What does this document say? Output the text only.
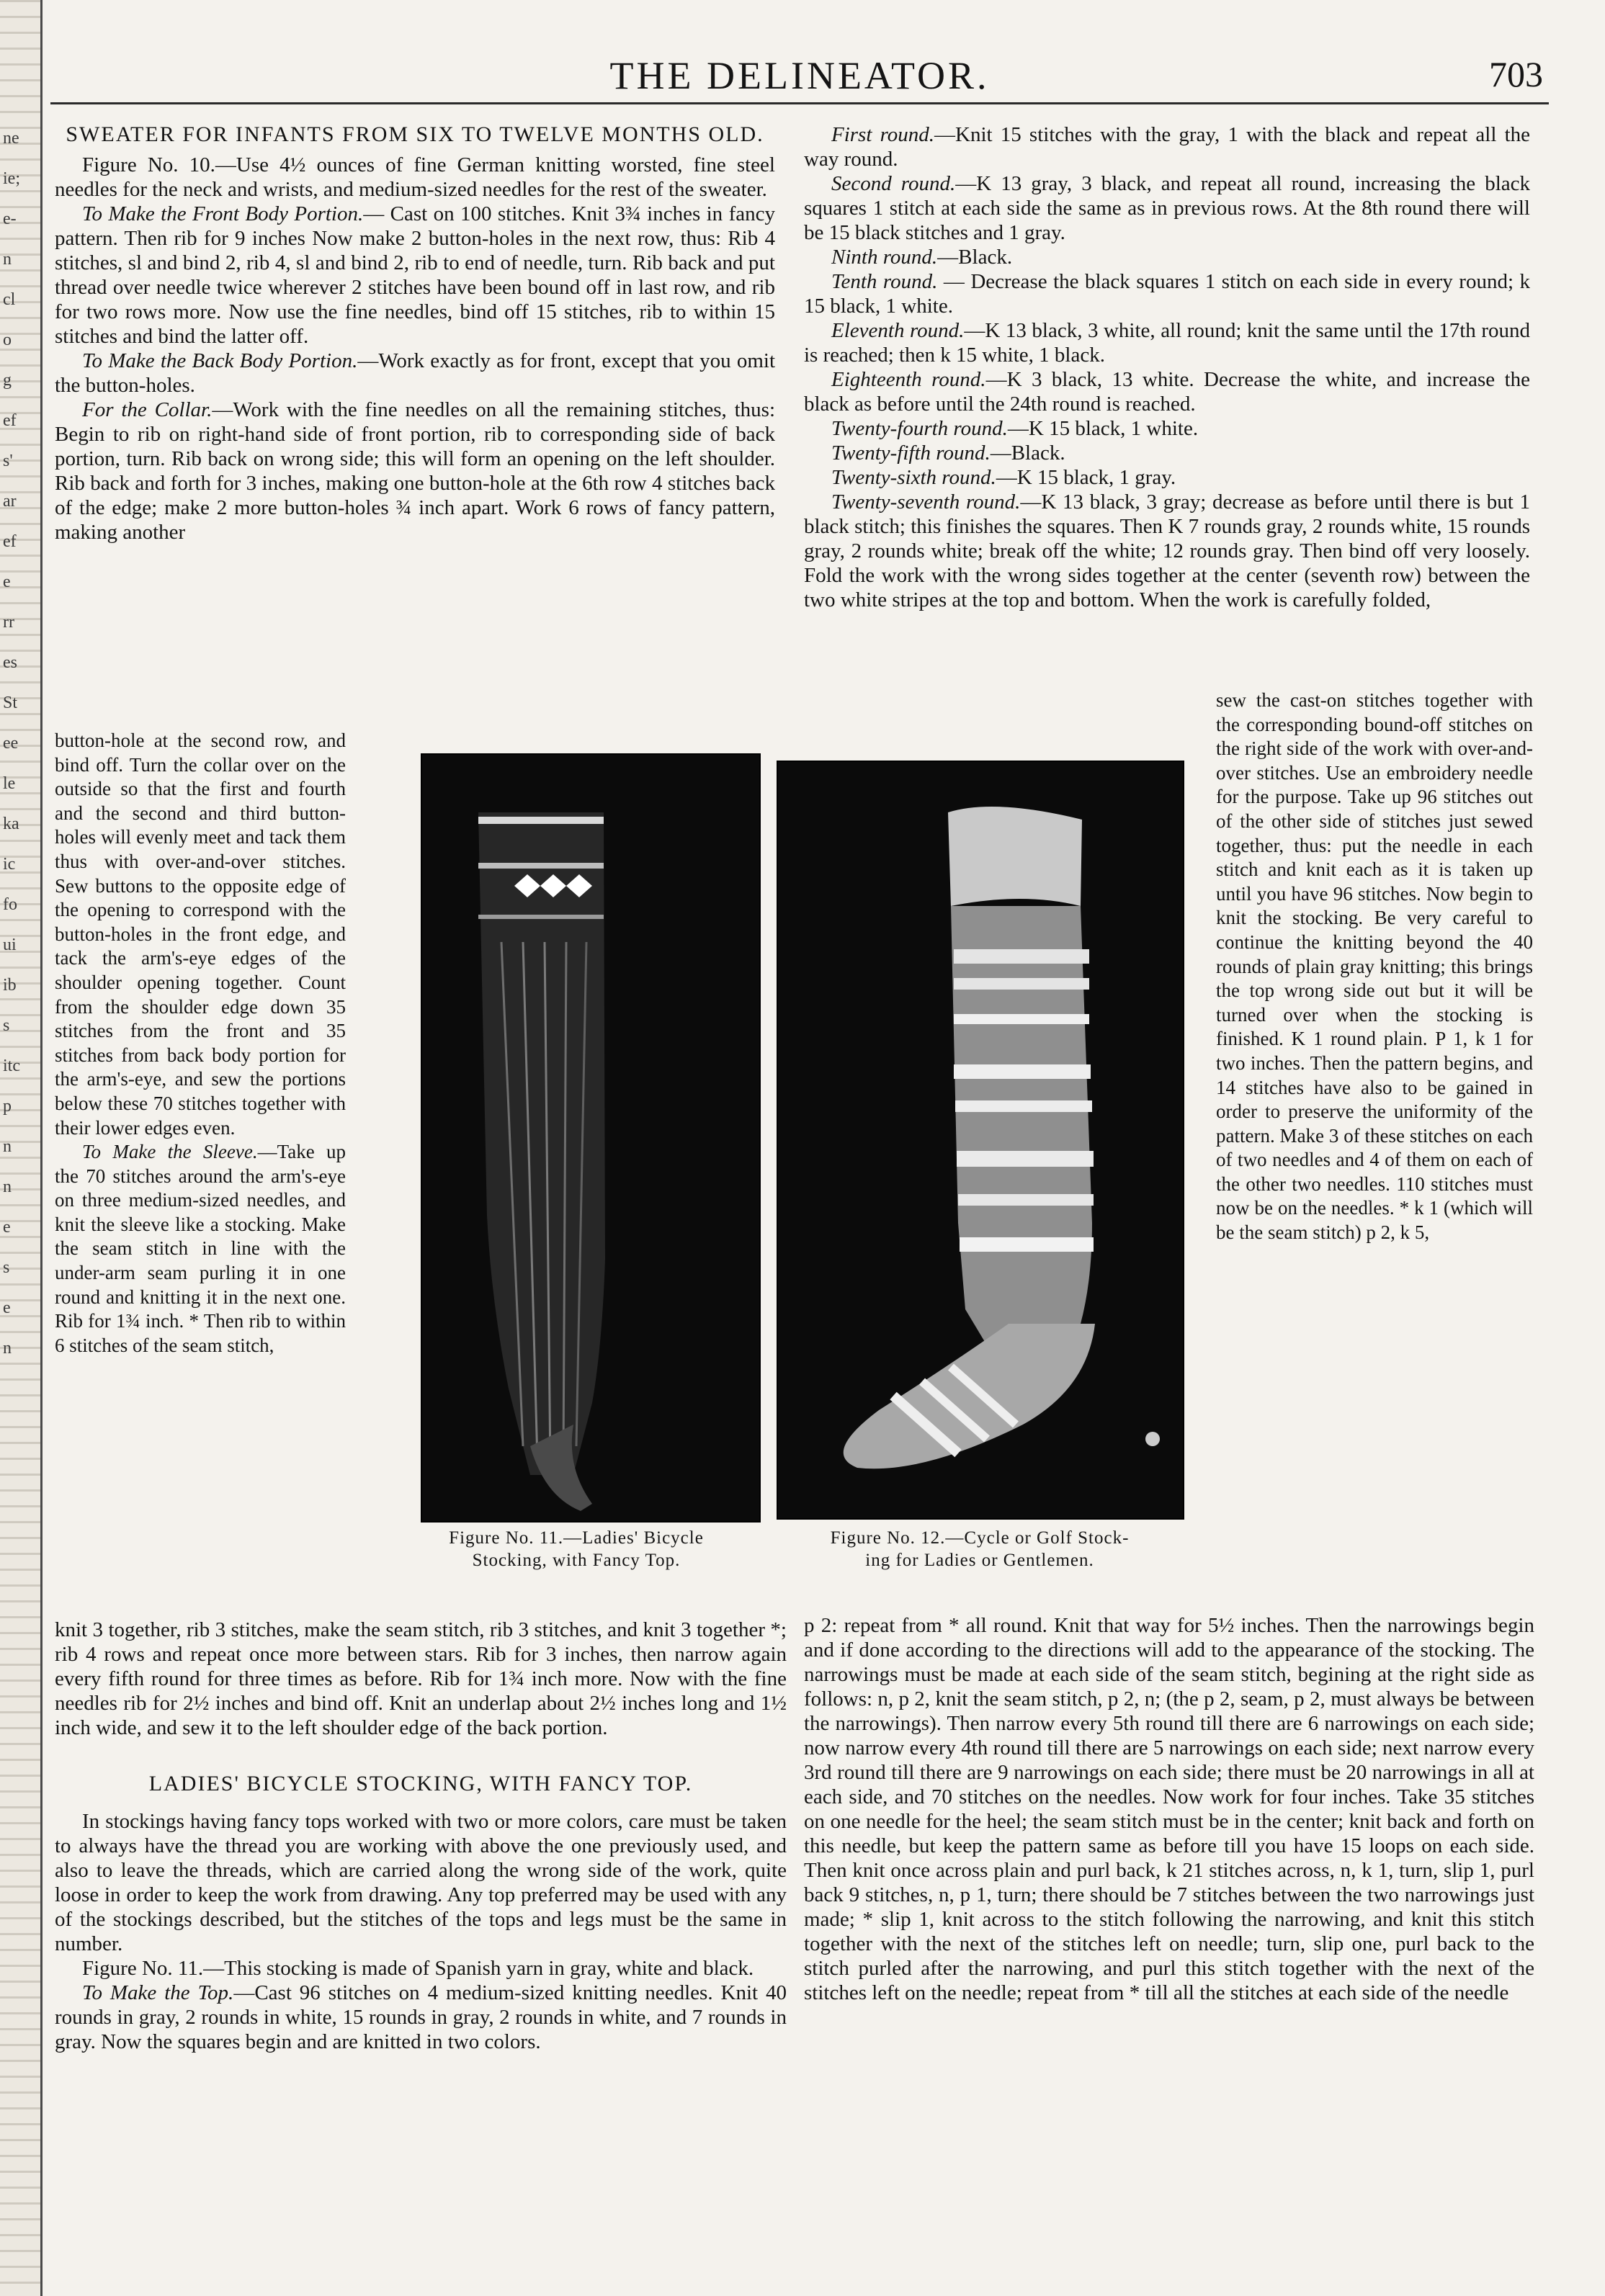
ne
ie;
e-
n
cl
o
g
ef
s'
ar
ef
e
rr
es
St
ee
le
ka
ic
fo
ui
ib
s
itc
p
n
n
e
s
e
n
THE DELINEATOR.	703

SWEATER FOR INFANTS FROM SIX TO TWELVE MONTHS OLD.

Figure No. 10.—Use 4½ ounces of fine German knitting worsted, fine steel needles for the neck and wrists, and medium-sized needles for the rest of the sweater.

To Make the Front Body Portion.— Cast on 100 stitches. Knit 3¾ inches in fancy pattern. Then rib for 9 inches Now make 2 button-holes in the next row, thus: Rib 4 stitches, sl and bind 2, rib 4, sl and bind 2, rib to end of needle, turn. Rib back and put thread over needle twice wherever 2 stitches have been bound off in last row, and rib for two rows more. Now use the fine needles, bind off 15 stitches, rib to within 15 stitches and bind the latter off.

To Make the Back Body Portion.—Work exactly as for front, except that you omit the button-holes.

For the Collar.—Work with the fine needles on all the remaining stitches, thus: Begin to rib on right-hand side of front portion, rib to corresponding side of back portion, turn. Rib back on wrong side; this will form an opening on the left shoulder. Rib back and forth for 3 inches, making one button-hole at the 6th row 4 stitches back of the edge; make 2 more button-holes ¾ inch apart. Work 6 rows of fancy pattern, making another

button-hole at the second row, and bind off. Turn the collar over on the outside so that the first and fourth and the second and third button-holes will evenly meet and tack them thus with over-and-over stitches. Sew buttons to the opposite edge of the opening to correspond with the button-holes in the front edge, and tack the arm's-eye edges of the shoulder opening together. Count from the shoulder edge down 35 stitches from the front and 35 stitches from back body portion for the arm's-eye, and sew the portions below these 70 stitches together with their lower edges even.

To Make the Sleeve.—Take up the 70 stitches around the arm's-eye on three medium-sized needles, and knit the sleeve like a stocking. Make the seam stitch in line with the under-arm seam purling it in one round and knitting it in the next one. Rib for 1¾ inch. * Then rib to within 6 stitches of the seam stitch,

First round.—Knit 15 stitches with the gray, 1 with the black and repeat all the way round.

Second round.—K 13 gray, 3 black, and repeat all round, increasing the black squares 1 stitch at each side the same as in previous rows. At the 8th round there will be 15 black stitches and 1 gray.

Ninth round.—Black.

Tenth round. — Decrease the black squares 1 stitch on each side in every round; k 15 black, 1 white.

Eleventh round.—K 13 black, 3 white, all round; knit the same until the 17th round is reached; then k 15 white, 1 black.

Eighteenth round.—K 3 black, 13 white. Decrease the white, and increase the black as before until the 24th round is reached.

Twenty-fourth round.—K 15 black, 1 white.

Twenty-fifth round.—Black.

Twenty-sixth round.—K 15 black, 1 gray.

Twenty-seventh round.—K 13 black, 3 gray; decrease as before until there is but 1 black stitch; this finishes the squares. Then K 7 rounds gray, 2 rounds white, 15 rounds gray, 2 rounds white; break off the white; 12 rounds gray. Then bind off very loosely. Fold the work with the wrong sides together at the center (seventh row) between the two white stripes at the top and bottom. When the work is carefully folded,

sew the cast-on stitches together with the corresponding bound-off stitches on the right side of the work with over-and-over stitches. Use an embroidery needle for the purpose. Take up 96 stitches out of the other side of stitches just sewed together, thus: put the needle in each stitch and knit each as it is taken up until you have 96 stitches. Now begin to knit the stocking. Be very careful to continue the knitting beyond the 40 rounds of plain gray knitting; this brings the top wrong side out but it will be turned over when the stocking is finished. K 1 round plain. P 1, k 1 for two inches. Then the pattern begins, and 14 stitches have also to be gained in order to preserve the uniformity of the pattern. Make 3 of these stitches on each of two needles and 4 of them on each of the other two needles. 110 stitches must now be on the needles. * k 1 (which will be the seam stitch) p 2, k 5,

Figure No. 11.—Ladies' Bicycle
Stocking, with Fancy Top.
Figure No. 12.—Cycle or Golf Stock-
ing for Ladies or Gentlemen.

knit 3 together, rib 3 stitches, make the seam stitch, rib 3 stitches, and knit 3 together *; rib 4 rows and repeat once more between stars. Rib for 3 inches, then narrow again every fifth round for three times as before. Rib for 1¾ inch more. Now with the fine needles rib for 2½ inches and bind off. Knit an underlap about 2½ inches long and 1½ inch wide, and sew it to the left shoulder edge of the back portion.

LADIES' BICYCLE STOCKING, WITH FANCY TOP.

In stockings having fancy tops worked with two or more colors, care must be taken to always have the thread you are working with above the one previously used, and also to leave the threads, which are carried along the wrong side of the work, quite loose in order to keep the work from drawing. Any top preferred may be used with any of the stockings described, but the stitches of the tops and legs must be the same in number.

Figure No. 11.—This stocking is made of Spanish yarn in gray, white and black.

To Make the Top.—Cast 96 stitches on 4 medium-sized knitting needles. Knit 40 rounds in gray, 2 rounds in white, 15 rounds in gray, 2 rounds in white, and 7 rounds in gray. Now the squares begin and are knitted in two colors.

p 2: repeat from * all round. Knit that way for 5½ inches. Then the narrowings begin and if done according to the directions will add to the appearance of the stocking. The narrowings must be made at each side of the seam stitch, begining at the right side as follows: n, p 2, knit the seam stitch, p 2, n; (the p 2, seam, p 2, must always be between the narrowings). Then narrow every 5th round till there are 6 narrowings on each side; now narrow every 4th round till there are 5 narrowings on each side; next narrow every 3rd round till there are 9 narrowings on each side; there must be 20 narrowings in all at each side, and 70 stitches on the needles. Now work for four inches. Take 35 stitches on one needle for the heel; the seam stitch must be in the center; knit back and forth on this needle, but keep the pattern same as before till you have 15 loops on each side. Then knit once across plain and purl back, k 21 stitches across, n, k 1, turn, slip 1, purl back 9 stitches, n, p 1, turn; there should be 7 stitches between the two narrowings just made; * slip 1, knit across to the stitch following the narrowing, and knit this stitch together with the next of the stitches left on needle; turn, slip one, purl back to the stitch purled after the narrowing, and purl this stitch together with the next of the stitches left on the needle; repeat from * till all the stitches at each side of the needle
